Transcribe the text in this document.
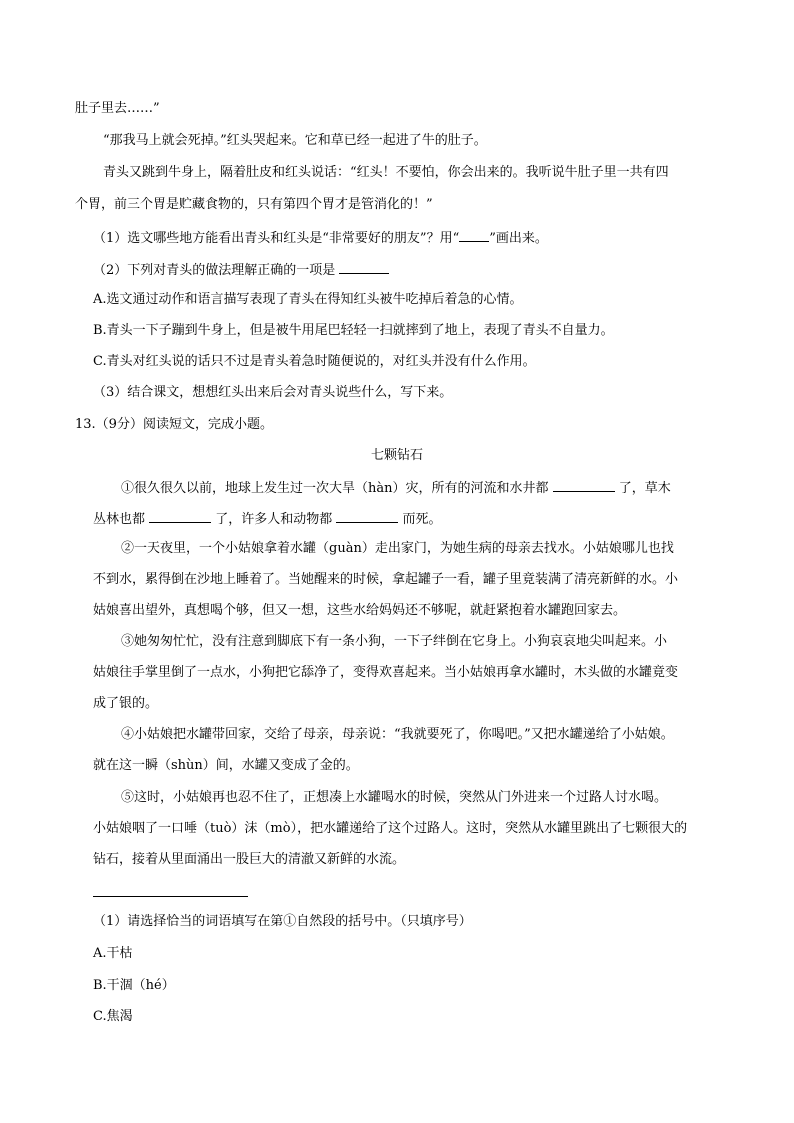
肚子里去……”
“那我马上就会死掉。”红头哭起来。它和草已经一起进了牛的肚子。
青头又跳到牛身上，隔着肚皮和红头说话：“红头！不要怕，你会出来的。我听说牛肚子里一共有四
个胃，前三个胃是贮藏食物的，只有第四个胃才是管消化的！”
（1）选文哪些地方能看出青头和红头是“非常要好的朋友”？用“ ”画出来。
（2）下列对青头的做法理解正确的一项是
A.选文通过动作和语言描写表现了青头在得知红头被牛吃掉后着急的心情。
B.青头一下子蹦到牛身上，但是被牛用尾巴轻轻一扫就摔到了地上，表现了青头不自量力。
C.青头对红头说的话只不过是青头着急时随便说的，对红头并没有什么作用。
（3）结合课文，想想红头出来后会对青头说些什么，写下来。
13.（9分）阅读短文，完成小题。
七颗钻石
①很久很久以前，地球上发生过一次大旱（hàn）灾，所有的河流和水井都	了，草木
丛林也都	了，许多人和动物都	而死。
②一天夜里，一个小姑娘拿着水罐（guàn）走出家门，为她生病的母亲去找水。小姑娘哪儿也找
不到水，累得倒在沙地上睡着了。当她醒来的时候，拿起罐子一看，罐子里竟装满了清亮新鲜的水。小
姑娘喜出望外，真想喝个够，但又一想，这些水给妈妈还不够呢，就赶紧抱着水罐跑回家去。
③她匆匆忙忙，没有注意到脚底下有一条小狗，一下子绊倒在它身上。小狗哀哀地尖叫起来。小
姑娘往手掌里倒了一点水，小狗把它舔净了，变得欢喜起来。当小姑娘再拿水罐时，木头做的水罐竟变
成了银的。
④小姑娘把水罐带回家，交给了母亲，母亲说：“我就要死了，你喝吧。”又把水罐递给了小姑娘。
就在这一瞬（shùn）间，水罐又变成了金的。
⑤这时，小姑娘再也忍不住了，正想凑上水罐喝水的时候，突然从门外进来一个过路人讨水喝。
小姑娘咽了一口唾（tuò）沫（mò），把水罐递给了这个过路人。这时，突然从水罐里跳出了七颗很大的
钻石，接着从里面涌出一股巨大的清澈又新鲜的水流。
（1）请选择恰当的词语填写在第①自然段的括号中。（只填序号）
A.干枯
B.干涸（hé）
C.焦渴
